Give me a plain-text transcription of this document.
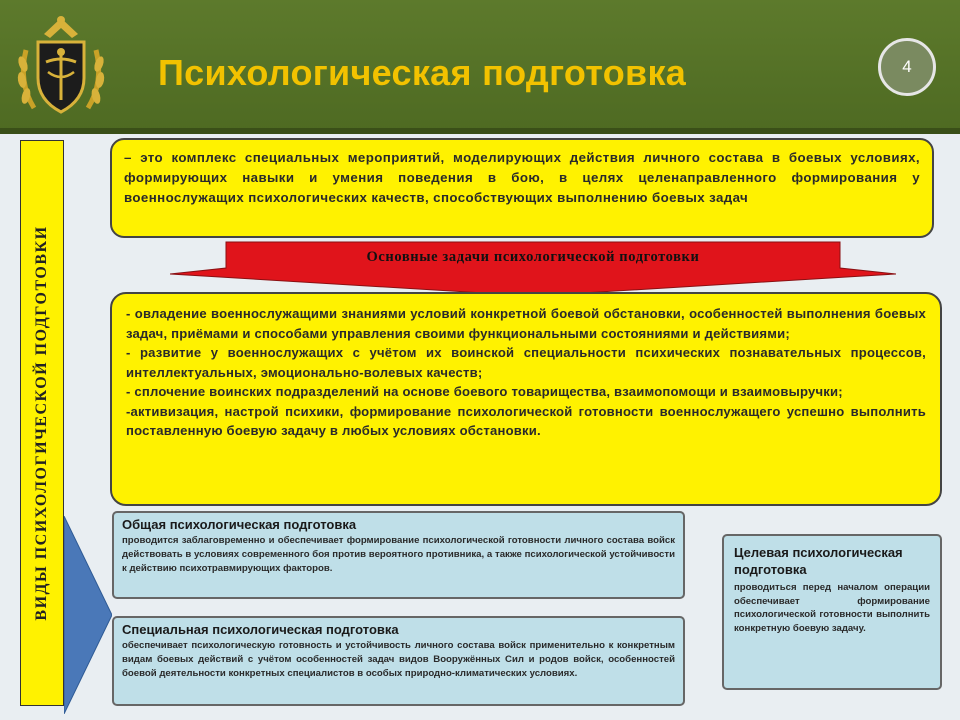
Психологическая подготовка	4
ВИДЫ ПСИХОЛОГИЧЕСКОЙ ПОДГОТОВКИ
– это комплекс специальных мероприятий, моделирующих действия личного состава в боевых условиях, формирующих навыки и умения поведения в бою, в целях целенаправленного формирования у военнослужащих психологических качеств, способствующих выполнению боевых задач
Основные задачи психологической подготовки

- овладение военнослужащими знаниями условий конкретной боевой обстановки, особенностей выполнения боевых задач, приёмами и способами управления своими функциональными состояниями и действиями;

- развитие у военнослужащих с учётом их воинской специальности психических познавательных процессов, интеллектуальных, эмоционально-волевых качеств;

- сплочение воинских подразделений на основе боевого товарищества, взаимопомощи и взаимовыручки;

-активизация, настрой психики, формирование психологической готовности военнослужащего успешно выполнить поставленную боевую задачу в любых условиях обстановки.

Общая психологическая подготовка

проводится заблаговременно и обеспечивает формирование психологической готовности личного состава войск действовать в условиях современного боя против вероятного противника, а также психологической устойчивости к действию психотравмирующих факторов.

Специальная психологическая подготовка

обеспечивает психологическую готовность и устойчивость личного состава войск применительно к конкретным видам боевых действий с учётом особенностей задач видов Вооружённых Сил и родов войск, особенностей боевой деятельности конкретных специалистов в особых природно-климатических условиях.

Целевая психологическая подготовка

проводиться перед началом операции обеспечивает формирование психологической готовности выполнить конкретную боевую задачу.
